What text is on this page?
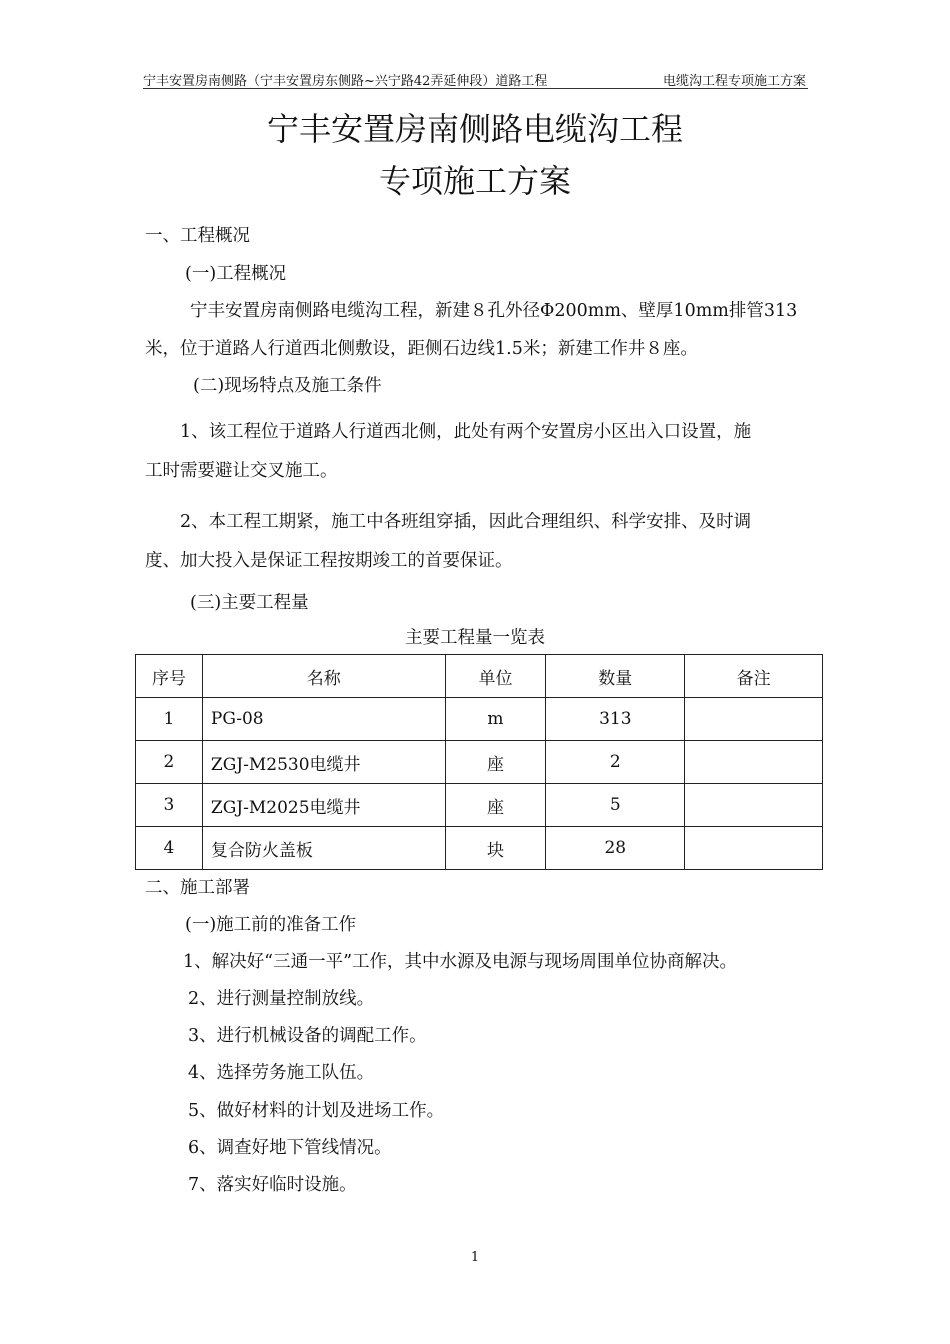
宁丰安置房南侧路（宁丰安置房东侧路~兴宁路42弄延伸段）道路工程	电缆沟工程专项施工方案
宁丰安置房南侧路电缆沟工程
专项施工方案
一、工程概况
(一)工程概况
宁丰安置房南侧路电缆沟工程，新建８孔外径Φ200mm、壁厚10mm排管313
米，位于道路人行道西北侧敷设，距侧石边线1.5米；新建工作井８座。
(二)现场特点及施工条件
1、该工程位于道路人行道西北侧，此处有两个安置房小区出入口设置，施
工时需要避让交叉施工。
2、本工程工期紧，施工中各班组穿插，因此合理组织、科学安排、及时调
度、加大投入是保证工程按期竣工的首要保证。
(三)主要工程量
主要工程量一览表
序号	名称	单位	数量	备注
1	PG-08	m	313	
2	ZGJ-M2530电缆井	座	2	
3	ZGJ-M2025电缆井	座	5	
4	复合防火盖板	块	28	
二、施工部署
(一)施工前的准备工作
1、解决好“三通一平”工作，其中水源及电源与现场周围单位协商解决。
2、进行测量控制放线。
3、进行机械设备的调配工作。
4、选择劳务施工队伍。
5、做好材料的计划及进场工作。
6、调查好地下管线情况。
7、落实好临时设施。
1
